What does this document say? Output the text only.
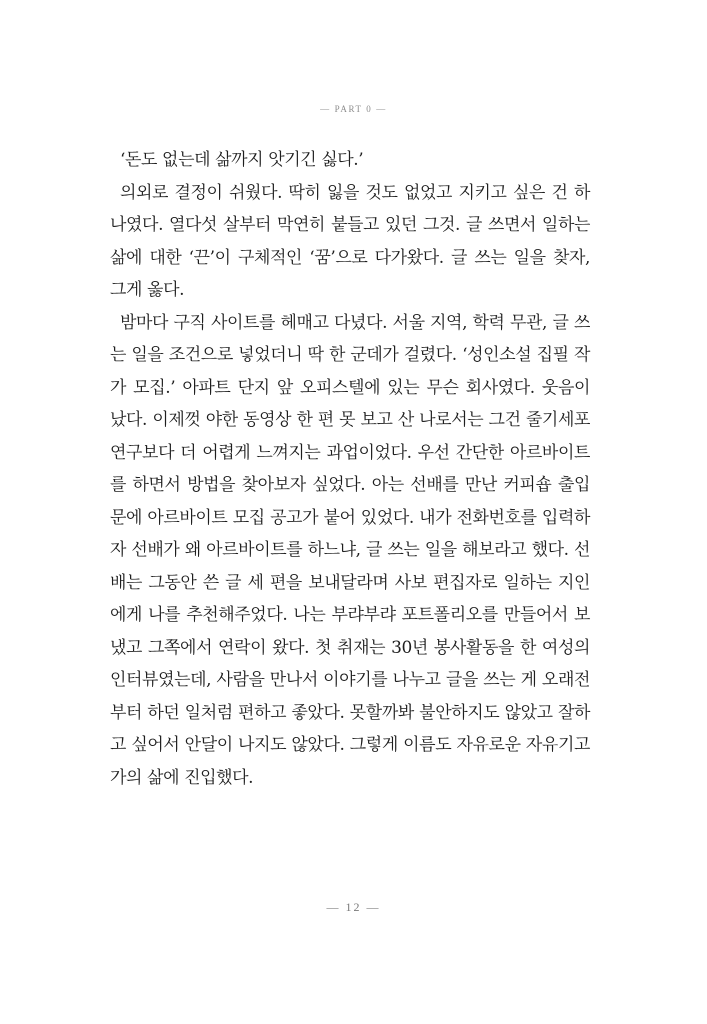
— PART 0 —

‘돈도 없는데 삶까지 앗기긴 싫다.’

의외로 결정이 쉬웠다. 딱히 잃을 것도 없었고 지키고 싶은 건 하나였다. 열다섯 살부터 막연히 붙들고 있던 그것. 글 쓰면서 일하는 삶에 대한 ‘끈’이 구체적인 ‘꿈’으로 다가왔다. 글 쓰는 일을 찾자, 그게 옳다.

밤마다 구직 사이트를 헤매고 다녔다. 서울 지역, 학력 무관, 글 쓰는 일을 조건으로 넣었더니 딱 한 군데가 걸렸다. ‘성인소설 집필 작가 모집.’ 아파트 단지 앞 오피스텔에 있는 무슨 회사였다. 웃음이 났다. 이제껏 야한 동영상 한 편 못 보고 산 나로서는 그건 줄기세포 연구보다 더 어렵게 느껴지는 과업이었다. 우선 간단한 아르바이트를 하면서 방법을 찾아보자 싶었다. 아는 선배를 만난 커피숍 출입문에 아르바이트 모집 공고가 붙어 있었다. 내가 전화번호를 입력하자 선배가 왜 아르바이트를 하느냐, 글 쓰는 일을 해보라고 했다. 선배는 그동안 쓴 글 세 편을 보내달라며 사보 편집자로 일하는 지인에게 나를 추천해주었다. 나는 부랴부랴 포트폴리오를 만들어서 보냈고 그쪽에서 연락이 왔다. 첫 취재는 30년 봉사활동을 한 여성의 인터뷰였는데, 사람을 만나서 이야기를 나누고 글을 쓰는 게 오래전부터 하던 일처럼 편하고 좋았다. 못할까봐 불안하지도 않았고 잘하고 싶어서 안달이 나지도 않았다. 그렇게 이름도 자유로운 자유기고가의 삶에 진입했다.

— 12 —
